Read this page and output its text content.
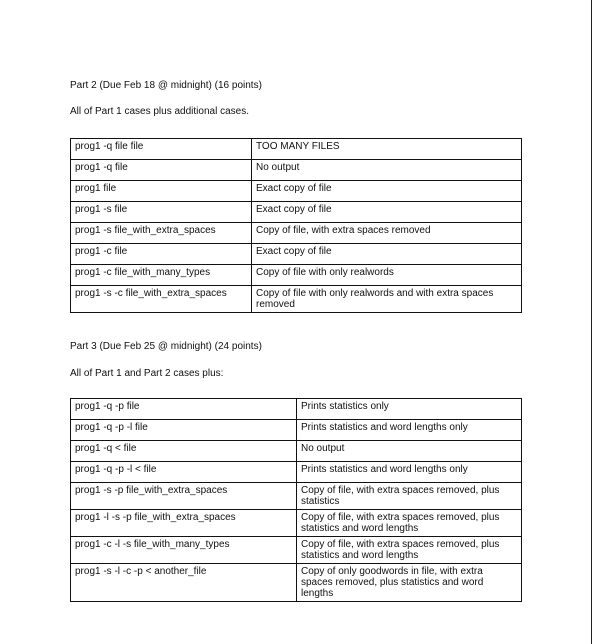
Part 2 (Due Feb 18 @ midnight) (16 points)
All of Part 1 cases plus additional cases.
prog1 -q file file	TOO MANY FILES
prog1 -q file	No output
prog1 file	Exact copy of file
prog1 -s file	Exact copy of file
prog1 -s file_with_extra_spaces	Copy of file, with extra spaces removed
prog1 -c file	Exact copy of file
prog1 -c file_with_many_types	Copy of file with only realwords
prog1 -s -c file_with_extra_spaces	Copy of file with only realwords and with extra spaces removed
Part 3 (Due Feb 25 @ midnight) (24 points)
All of Part 1 and Part 2 cases plus:
prog1 -q -p file	Prints statistics only
prog1 -q -p -l file	Prints statistics and word lengths only
prog1 -q < file	No output
prog1 -q -p -l < file	Prints statistics and word lengths only
prog1 -s -p file_with_extra_spaces	Copy of file, with extra spaces removed, plus statistics
prog1 -l -s -p file_with_extra_spaces	Copy of file, with extra spaces removed, plus statistics and word lengths
prog1 -c -l -s file_with_many_types	Copy of file, with extra spaces removed, plus statistics and word lengths
prog1 -s -l -c -p < another_file	Copy of only goodwords in file, with extra spaces removed, plus statistics and word lengths
